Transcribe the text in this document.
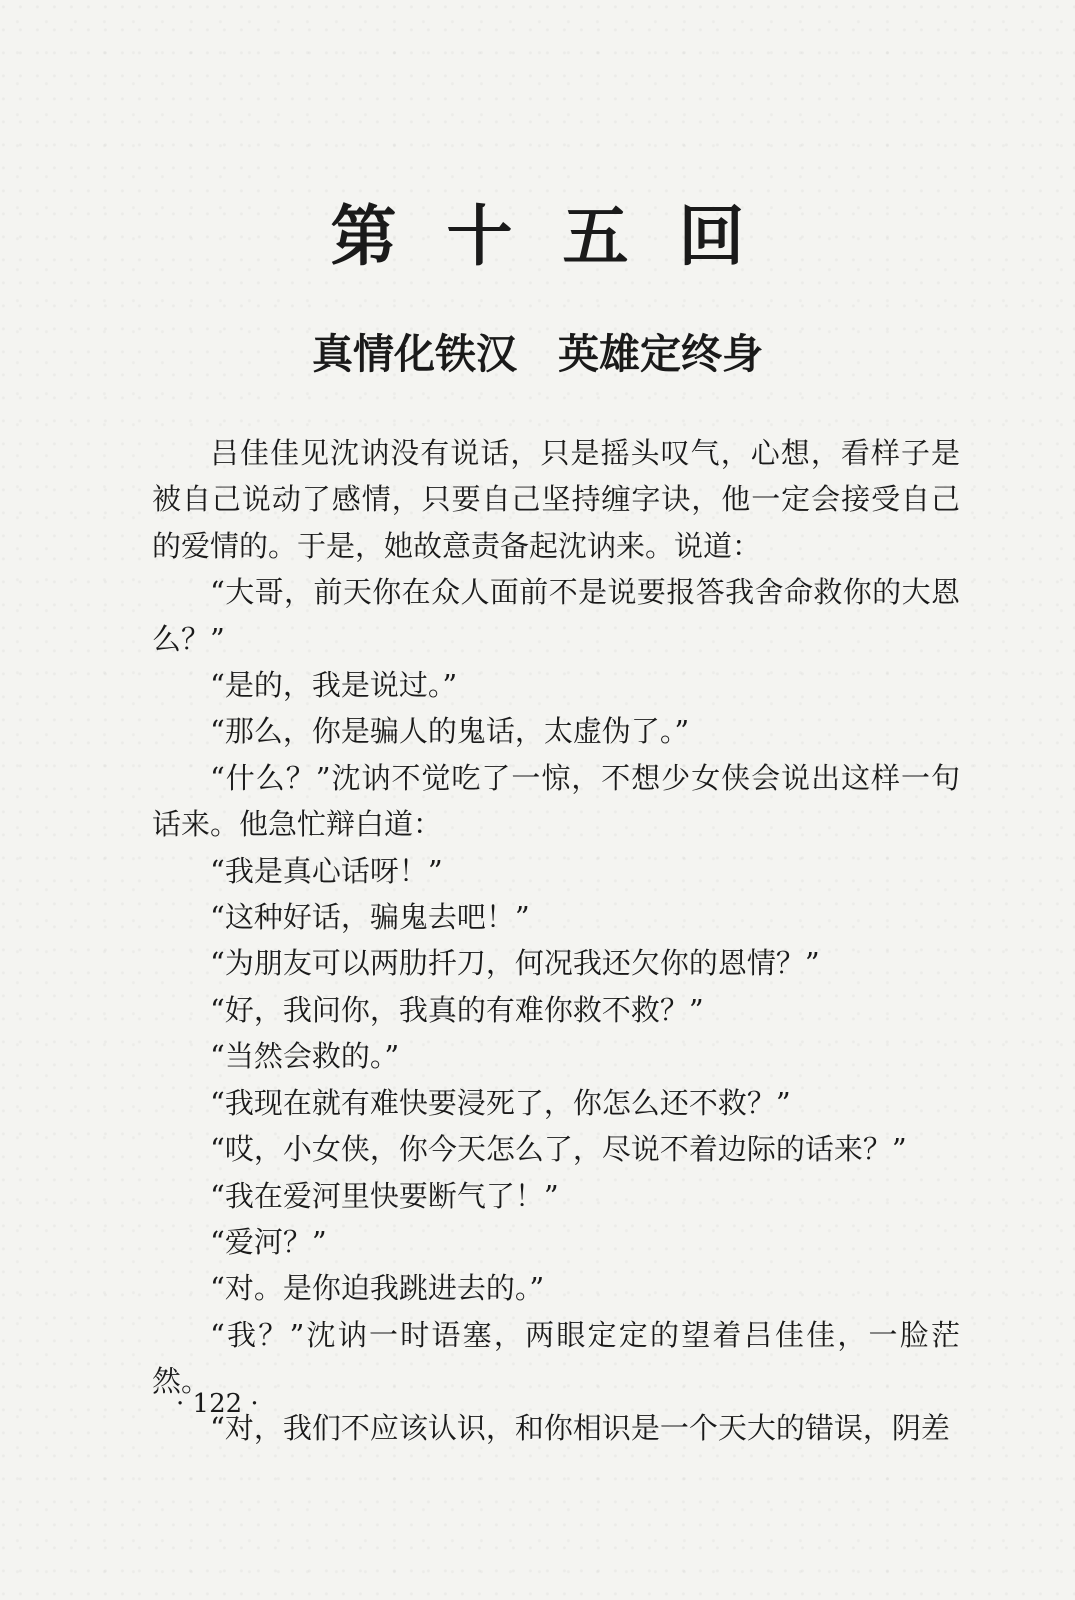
第十五回
真情化铁汉　英雄定终身

吕佳佳见沈讷没有说话，只是摇头叹气，心想，看样子是被自己说动了感情，只要自己坚持缠字诀，他一定会接受自己的爱情的。于是，她故意责备起沈讷来。说道：

“大哥，前天你在众人面前不是说要报答我舍命救你的大恩么？”

“是的，我是说过。”

“那么，你是骗人的鬼话，太虚伪了。”

“什么？”沈讷不觉吃了一惊，不想少女侠会说出这样一句话来。他急忙辩白道：

“我是真心话呀！”

“这种好话，骗鬼去吧！”

“为朋友可以两肋扦刀，何况我还欠你的恩情？”

“好，我问你，我真的有难你救不救？”

“当然会救的。”

“我现在就有难快要浸死了，你怎么还不救？”

“哎，小女侠，你今天怎么了，尽说不着边际的话来？”

“我在爱河里快要断气了！”

“爱河？”

“对。是你迫我跳进去的。”

“我？”沈讷一时语塞，两眼定定的望着吕佳佳，一脸茫然。

“对，我们不应该认识，和你相识是一个天大的错误，阴差

· 122 ·
